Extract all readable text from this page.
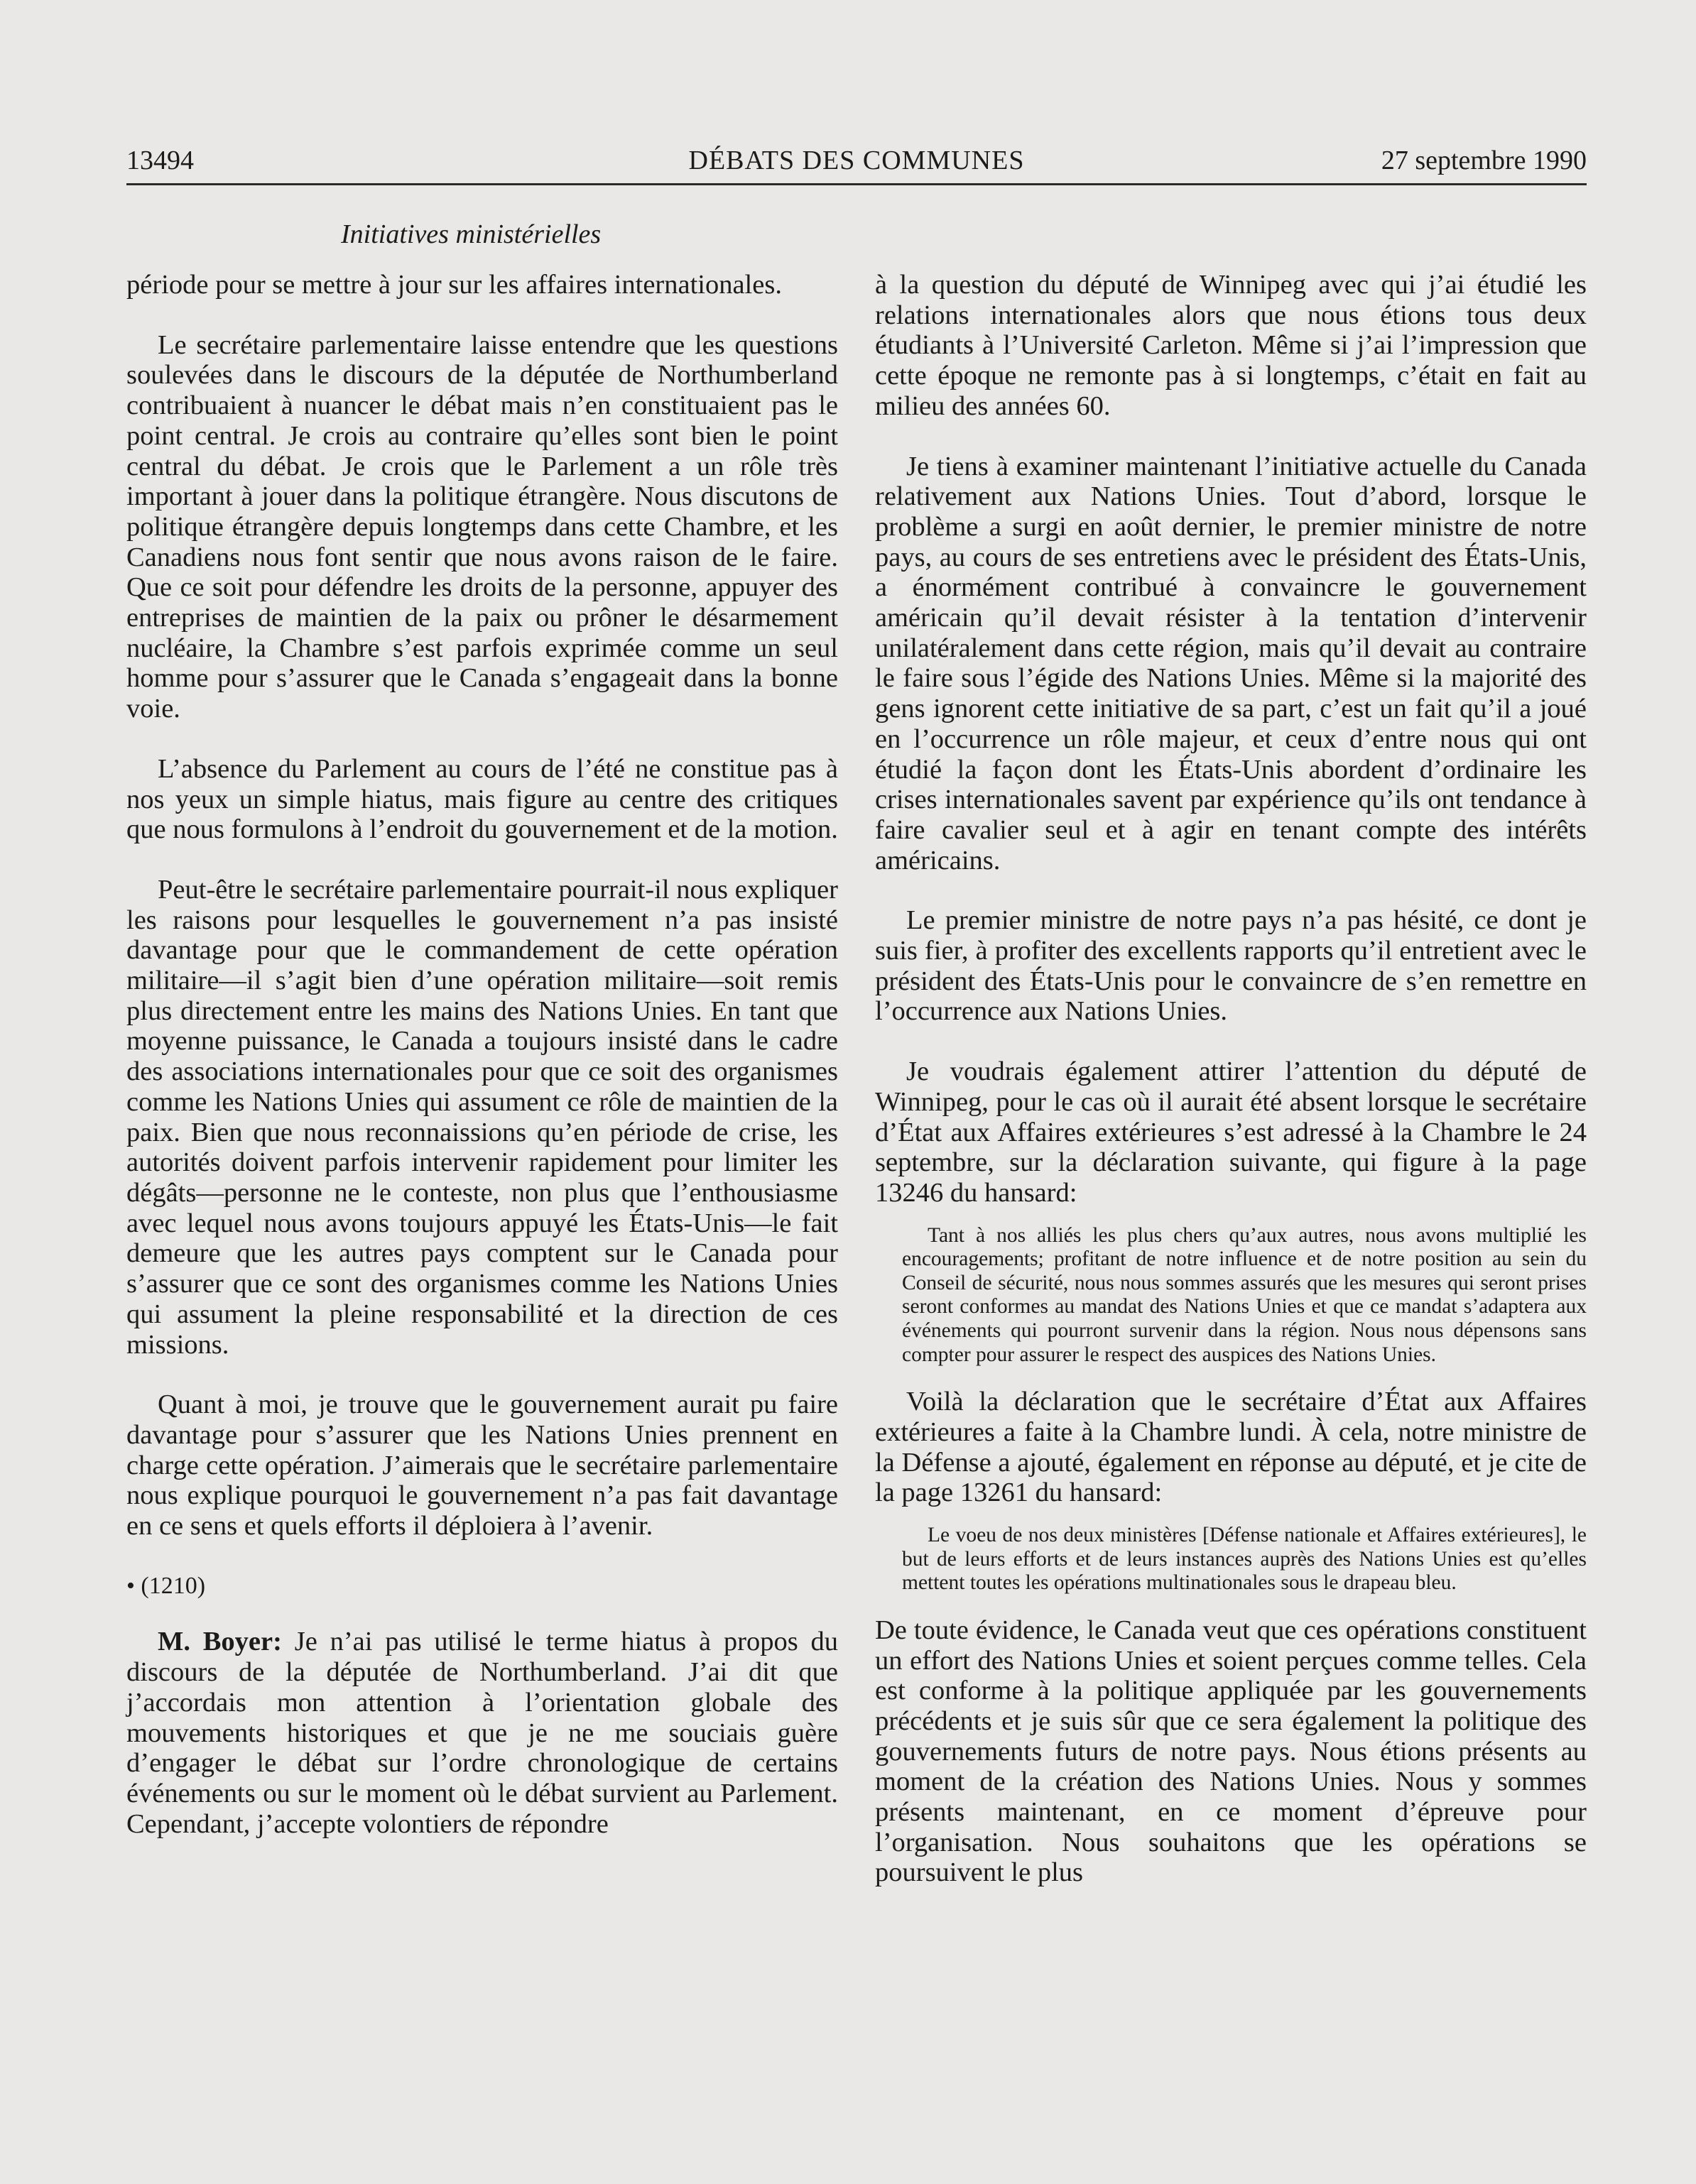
DÉBATS DES COMMUNES
13494	27 septembre 1990
Initiatives ministérielles

période pour se mettre à jour sur les affaires internationales.

Le secrétaire parlementaire laisse entendre que les questions soulevées dans le discours de la députée de Northumberland contribuaient à nuancer le débat mais n’en constituaient pas le point central. Je crois au contraire qu’elles sont bien le point central du débat. Je crois que le Parlement a un rôle très important à jouer dans la politique étrangère. Nous discutons de politique étrangère depuis longtemps dans cette Chambre, et les Canadiens nous font sentir que nous avons raison de le faire. Que ce soit pour défendre les droits de la personne, appuyer des entreprises de maintien de la paix ou prôner le désarmement nucléaire, la Chambre s’est parfois exprimée comme un seul homme pour s’assurer que le Canada s’engageait dans la bonne voie.

L’absence du Parlement au cours de l’été ne constitue pas à nos yeux un simple hiatus, mais figure au centre des critiques que nous formulons à l’endroit du gouvernement et de la motion.

Peut-être le secrétaire parlementaire pourrait-il nous expliquer les raisons pour lesquelles le gouvernement n’a pas insisté davantage pour que le commandement de cette opération militaire—il s’agit bien d’une opération militaire—soit remis plus directement entre les mains des Nations Unies. En tant que moyenne puissance, le Canada a toujours insisté dans le cadre des associations internationales pour que ce soit des organismes comme les Nations Unies qui assument ce rôle de maintien de la paix. Bien que nous reconnaissions qu’en période de crise, les autorités doivent parfois intervenir rapidement pour limiter les dégâts—personne ne le conteste, non plus que l’enthousiasme avec lequel nous avons toujours appuyé les États-Unis—le fait demeure que les autres pays comptent sur le Canada pour s’assurer que ce sont des organismes comme les Nations Unies qui assument la pleine responsabilité et la direction de ces missions.

Quant à moi, je trouve que le gouvernement aurait pu faire davantage pour s’assurer que les Nations Unies prennent en charge cette opération. J’aimerais que le secrétaire parlementaire nous explique pourquoi le gouvernement n’a pas fait davantage en ce sens et quels efforts il déploiera à l’avenir.

• (1210)

M. Boyer: Je n’ai pas utilisé le terme hiatus à propos du discours de la députée de Northumberland. J’ai dit que j’accordais mon attention à l’orientation globale des mouvements historiques et que je ne me souciais guère d’engager le débat sur l’ordre chronologique de certains événements ou sur le moment où le débat survient au Parlement. Cependant, j’accepte volontiers de répondre

à la question du député de Winnipeg avec qui j’ai étudié les relations internationales alors que nous étions tous deux étudiants à l’Université Carleton. Même si j’ai l’impression que cette époque ne remonte pas à si longtemps, c’était en fait au milieu des années 60.

Je tiens à examiner maintenant l’initiative actuelle du Canada relativement aux Nations Unies. Tout d’abord, lorsque le problème a surgi en août dernier, le premier ministre de notre pays, au cours de ses entretiens avec le président des États-Unis, a énormément contribué à convaincre le gouvernement américain qu’il devait résister à la tentation d’intervenir unilatéralement dans cette région, mais qu’il devait au contraire le faire sous l’égide des Nations Unies. Même si la majorité des gens ignorent cette initiative de sa part, c’est un fait qu’il a joué en l’occurrence un rôle majeur, et ceux d’entre nous qui ont étudié la façon dont les États-Unis abordent d’ordinaire les crises internationales savent par expérience qu’ils ont tendance à faire cavalier seul et à agir en tenant compte des intérêts américains.

Le premier ministre de notre pays n’a pas hésité, ce dont je suis fier, à profiter des excellents rapports qu’il entretient avec le président des États-Unis pour le convaincre de s’en remettre en l’occurrence aux Nations Unies.

Je voudrais également attirer l’attention du député de Winnipeg, pour le cas où il aurait été absent lorsque le secrétaire d’État aux Affaires extérieures s’est adressé à la Chambre le 24 septembre, sur la déclaration suivante, qui figure à la page 13246 du hansard:

Tant à nos alliés les plus chers qu’aux autres, nous avons multiplié les encouragements; profitant de notre influence et de notre position au sein du Conseil de sécurité, nous nous sommes assurés que les mesures qui seront prises seront conformes au mandat des Nations Unies et que ce mandat s’adaptera aux événements qui pourront survenir dans la région. Nous nous dépensons sans compter pour assurer le respect des auspices des Nations Unies.

Voilà la déclaration que le secrétaire d’État aux Affaires extérieures a faite à la Chambre lundi. À cela, notre ministre de la Défense a ajouté, également en réponse au député, et je cite de la page 13261 du hansard:

Le voeu de nos deux ministères [Défense nationale et Affaires extérieures], le but de leurs efforts et de leurs instances auprès des Nations Unies est qu’elles mettent toutes les opérations multinationales sous le drapeau bleu.

De toute évidence, le Canada veut que ces opérations constituent un effort des Nations Unies et soient perçues comme telles. Cela est conforme à la politique appliquée par les gouvernements précédents et je suis sûr que ce sera également la politique des gouvernements futurs de notre pays. Nous étions présents au moment de la création des Nations Unies. Nous y sommes présents maintenant, en ce moment d’épreuve pour l’organisation. Nous souhaitons que les opérations se poursuivent le plus
